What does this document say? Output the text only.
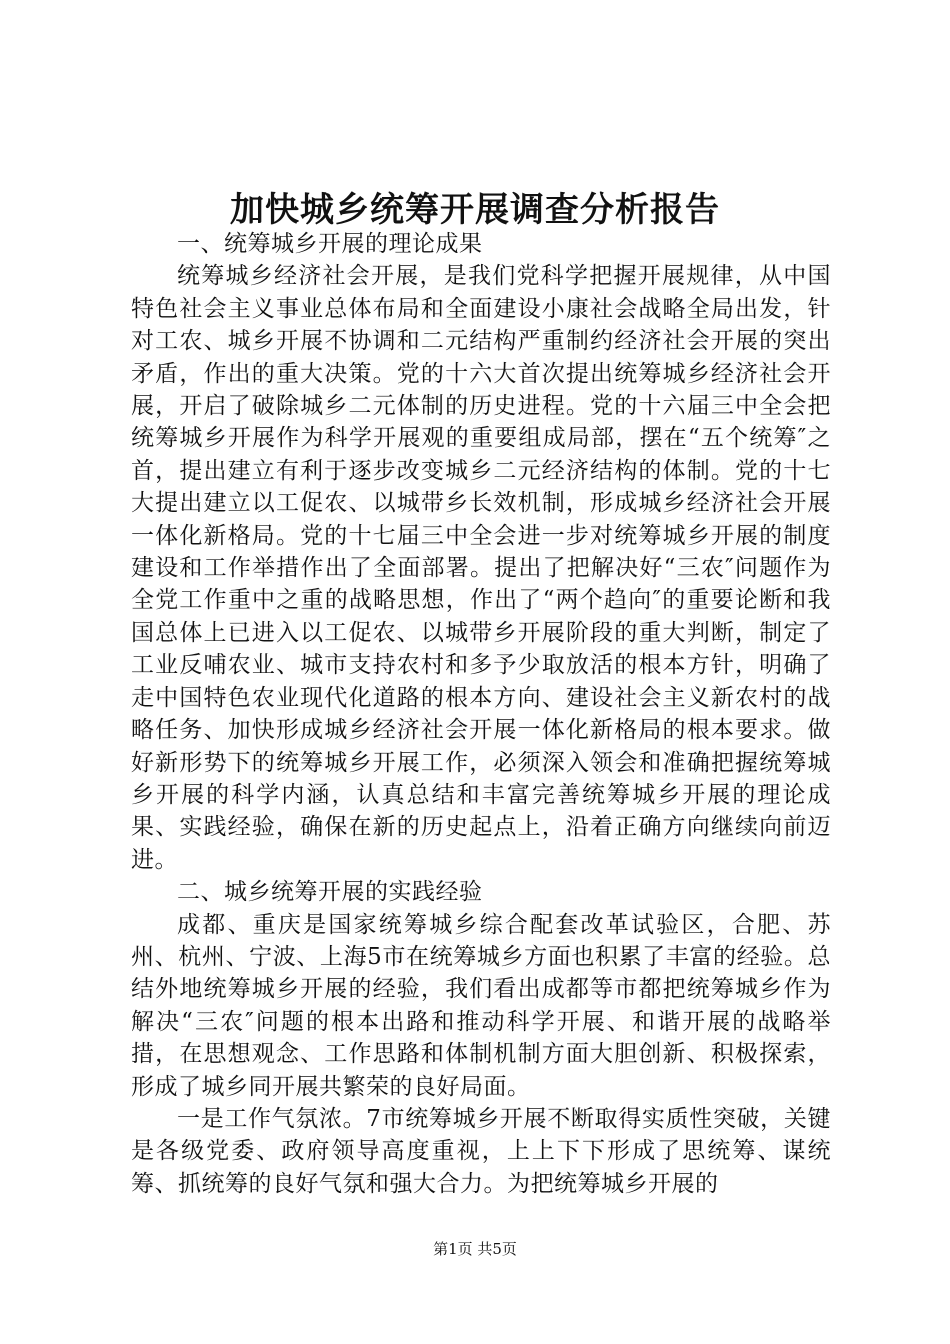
加快城乡统筹开展调查分析报告

一、统筹城乡开展的理论成果

统筹城乡经济社会开展，是我们党科学把握开展规律，从中国特色社会主义事业总体布局和全面建设小康社会战略全局出发，针对工农、城乡开展不协调和二元结构严重制约经济社会开展的突出矛盾，作出的重大决策。党的十六大首次提出统筹城乡经济社会开展，开启了破除城乡二元体制的历史进程。党的十六届三中全会把统筹城乡开展作为科学开展观的重要组成局部，摆在“五个统筹″之首，提出建立有利于逐步改变城乡二元经济结构的体制。党的十七大提出建立以工促农、以城带乡长效机制，形成城乡经济社会开展一体化新格局。党的十七届三中全会进一步对统筹城乡开展的制度建设和工作举措作出了全面部署。提出了把解决好“三农″问题作为全党工作重中之重的战略思想，作出了“两个趋向″的重要论断和我国总体上已进入以工促农、以城带乡开展阶段的重大判断，制定了工业反哺农业、城市支持农村和多予少取放活的根本方针，明确了走中国特色农业现代化道路的根本方向、建设社会主义新农村的战略任务、加快形成城乡经济社会开展一体化新格局的根本要求。做好新形势下的统筹城乡开展工作，必须深入领会和准确把握统筹城乡开展的科学内涵，认真总结和丰富完善统筹城乡开展的理论成果、实践经验，确保在新的历史起点上，沿着正确方向继续向前迈进。

二、城乡统筹开展的实践经验

成都、重庆是国家统筹城乡综合配套改革试验区，合肥、苏州、杭州、宁波、上海5市在统筹城乡方面也积累了丰富的经验。总结外地统筹城乡开展的经验，我们看出成都等市都把统筹城乡作为解决“三农″问题的根本出路和推动科学开展、和谐开展的战略举措，在思想观念、工作思路和体制机制方面大胆创新、积极探索，形成了城乡同开展共繁荣的良好局面。

一是工作气氛浓。7市统筹城乡开展不断取得实质性突破，关键是各级党委、政府领导高度重视，上上下下形成了思统筹、谋统筹、抓统筹的良好气氛和强大合力。为把统筹城乡开展的

第1页 共5页
